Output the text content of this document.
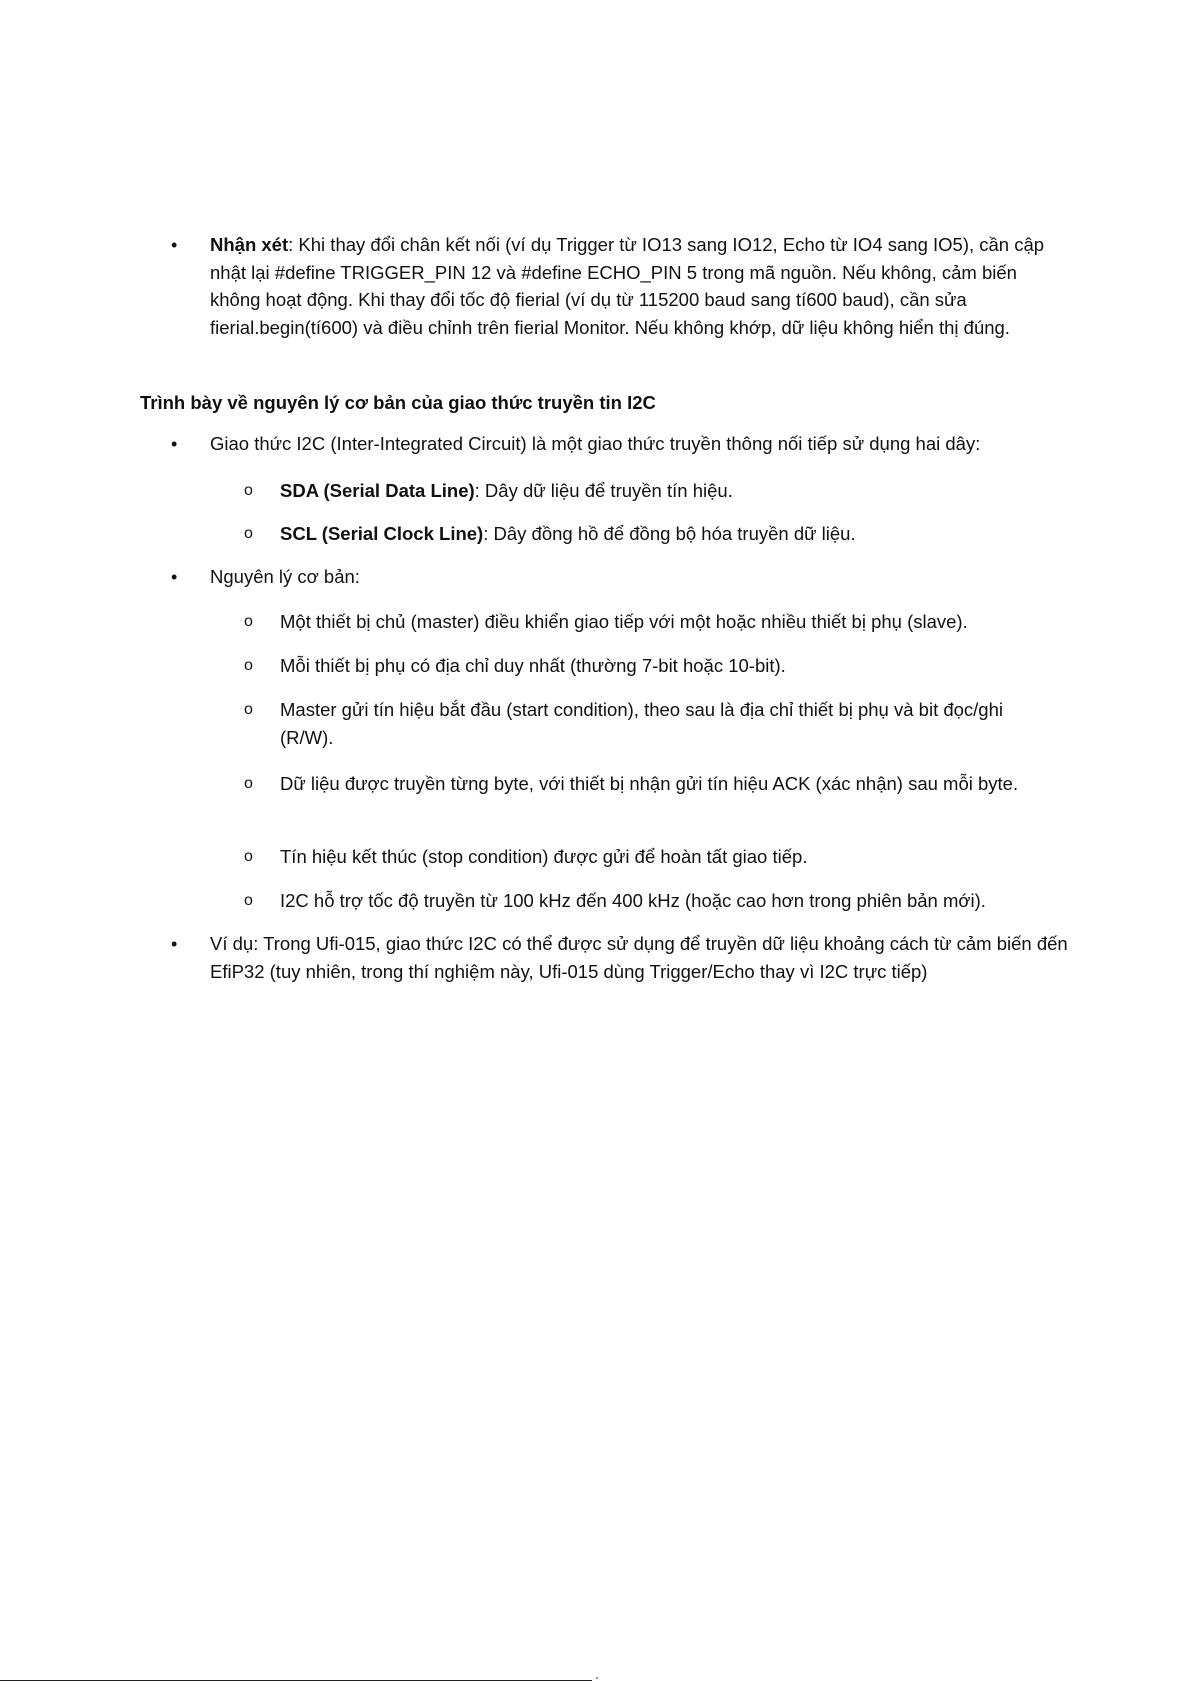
• Nhận xét: Khi thay đổi chân kết nối (ví dụ Trigger từ IO13 sang IO12, Echo từ IO4 sang IO5), cần cập nhật lại #define TRIGGER_PIN 12 và #define ECHO_PIN 5 trong mã nguồn. Nếu không, cảm biến không hoạt động. Khi thay đổi tốc độ fierial (ví dụ từ 115200 baud sang tí600 baud), cần sửa fierial.begin(tí600) và điều chỉnh trên fierial Monitor. Nếu không khớp, dữ liệu không hiển thị đúng.
Trình bày về nguyên lý cơ bản của giao thức truyền tin I2C
• Giao thức I2C (Inter-Integrated Circuit) là một giao thức truyền thông nối tiếp sử dụng hai dây:
o SDA (Serial Data Line): Dây dữ liệu để truyền tín hiệu.
o SCL (Serial Clock Line): Dây đồng hồ để đồng bộ hóa truyền dữ liệu.
• Nguyên lý cơ bản:
o Một thiết bị chủ (master) điều khiển giao tiếp với một hoặc nhiều thiết bị phụ (slave).
o Mỗi thiết bị phụ có địa chỉ duy nhất (thường 7-bit hoặc 10-bit).
o Master gửi tín hiệu bắt đầu (start condition), theo sau là địa chỉ thiết bị phụ và bit đọc/ghi (R/W).
o Dữ liệu được truyền từng byte, với thiết bị nhận gửi tín hiệu ACK (xác nhận) sau mỗi byte.
o Tín hiệu kết thúc (stop condition) được gửi để hoàn tất giao tiếp.
o I2C hỗ trợ tốc độ truyền từ 100 kHz đến 400 kHz (hoặc cao hơn trong phiên bản mới).
• Ví dụ: Trong Ufi-015, giao thức I2C có thể được sử dụng để truyền dữ liệu khoảng cách từ cảm biến đến EfiP32 (tuy nhiên, trong thí nghiệm này, Ufi-015 dùng Trigger/Echo thay vì I2C trực tiếp)
